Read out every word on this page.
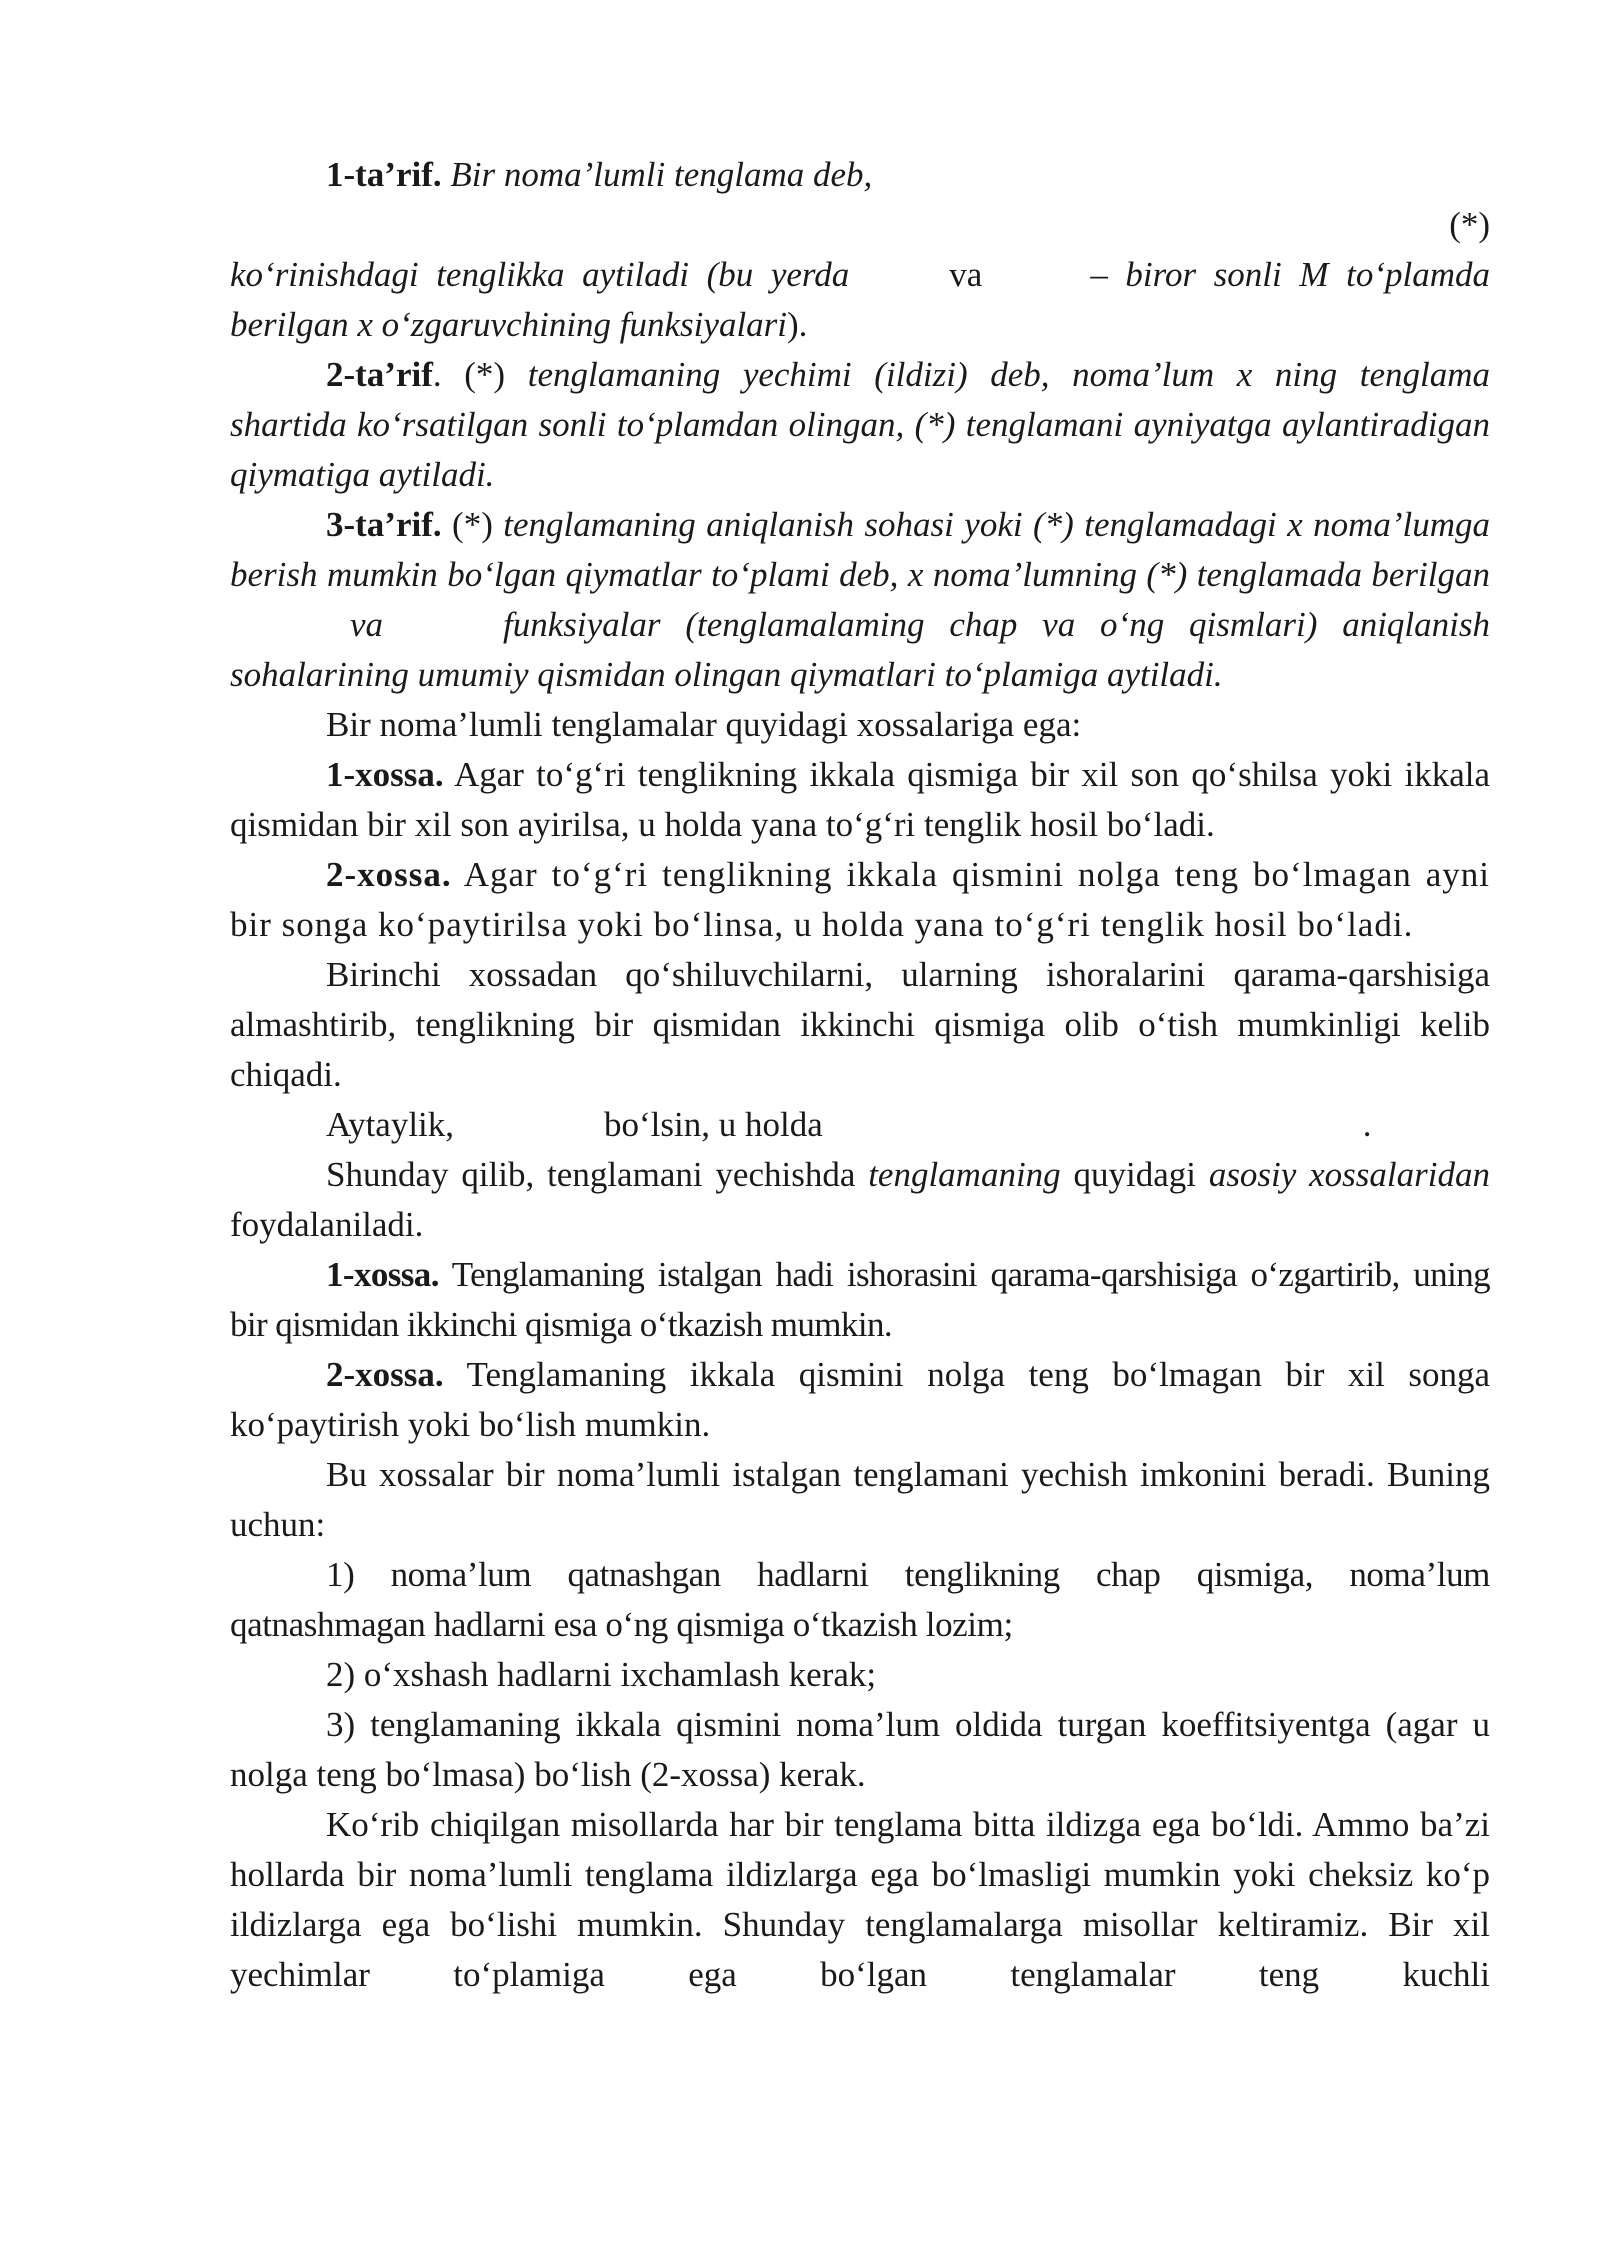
1-ta’rif. Bir noma’lumli tenglama deb,

(*)

ko‘rinishdagi tenglikka aytiladi (bu yerda	va	– biror sonli M to‘plamda berilgan x o‘zgaruvchining funksiyalari).

2-ta’rif. (*) tenglamaning yechimi (ildizi) deb, noma’lum x ning tenglama shartida ko‘rsatilgan sonli to‘plamdan olingan, (*) tenglamani ayniyatga aylantiradigan qiymatiga aytiladi.

3-ta’rif. (*) tenglamaning aniqlanish sohasi yoki (*) tenglamadagi x noma’lumga berish mumkin bo‘lgan qiymatlar to‘plami deb, x noma’lumning (*) tenglamada berilganva	funksiyalar (tenglamalaming chap va o‘ng qismlari) aniqlanish sohalarining umumiy qismidan olingan qiymatlari to‘plamiga aytiladi.

Bir noma’lumli tenglamalar quyidagi xossalariga ega:

1-xossa. Agar to‘g‘ri tenglikning ikkala qismiga bir xil son qo‘shilsa yoki ikkala qismidan bir xil son ayirilsa, u holda yana to‘g‘ri tenglik hosil bo‘ladi.

2-xossa. Agar to‘g‘ri tenglikning ikkala qismini nolga teng bo‘lmagan ayni bir songa ko‘paytirilsa yoki bo‘linsa, u holda yana to‘g‘ri tenglik hosil bo‘ladi.

Birinchi xossadan qo‘shiluvchilarni, ularning ishoralarini qarama-qarshisiga almashtirib, tenglikning bir qismidan ikkinchi qismiga olib o‘tish mumkinligi kelib chiqadi.

Aytaylik,	bo‘lsin, u holda	.

Shunday qilib, tenglamani yechishda tenglamaning quyidagi asosiy xossalaridan foydalaniladi.

1-xossa. Tenglamaning istalgan hadi ishorasini qarama-qarshisiga o‘zgartirib, uning bir qismidan ikkinchi qismiga o‘tkazish mumkin.

2-xossa. Tenglamaning ikkala qismini nolga teng bo‘lmagan bir xil songa ko‘paytirish yoki bo‘lish mumkin.

Bu xossalar bir noma’lumli istalgan tenglamani yechish imkonini beradi. Buning uchun:

1) noma’lum qatnashgan hadlarni tenglikning chap qismiga, noma’lum qatnashmagan hadlarni esa o‘ng qismiga o‘tkazish lozim;

2) o‘xshash hadlarni ixchamlash kerak;

3) tenglamaning ikkala qismini noma’lum oldida turgan koeffitsiyentga (agar u nolga teng bo‘lmasa) bo‘lish (2-xossa) kerak.

Ko‘rib chiqilgan misollarda har bir tenglama bitta ildizga ega bo‘ldi. Ammo ba’zi hollarda bir noma’lumli tenglama ildizlarga ega bo‘lmasligi mumkin yoki cheksiz ko‘p ildizlarga ega bo‘lishi mumkin. Shunday tenglamalarga misollar keltiramiz. Bir xil yechimlar to‘plamiga ega bo‘lgan tenglamalar teng kuchli
